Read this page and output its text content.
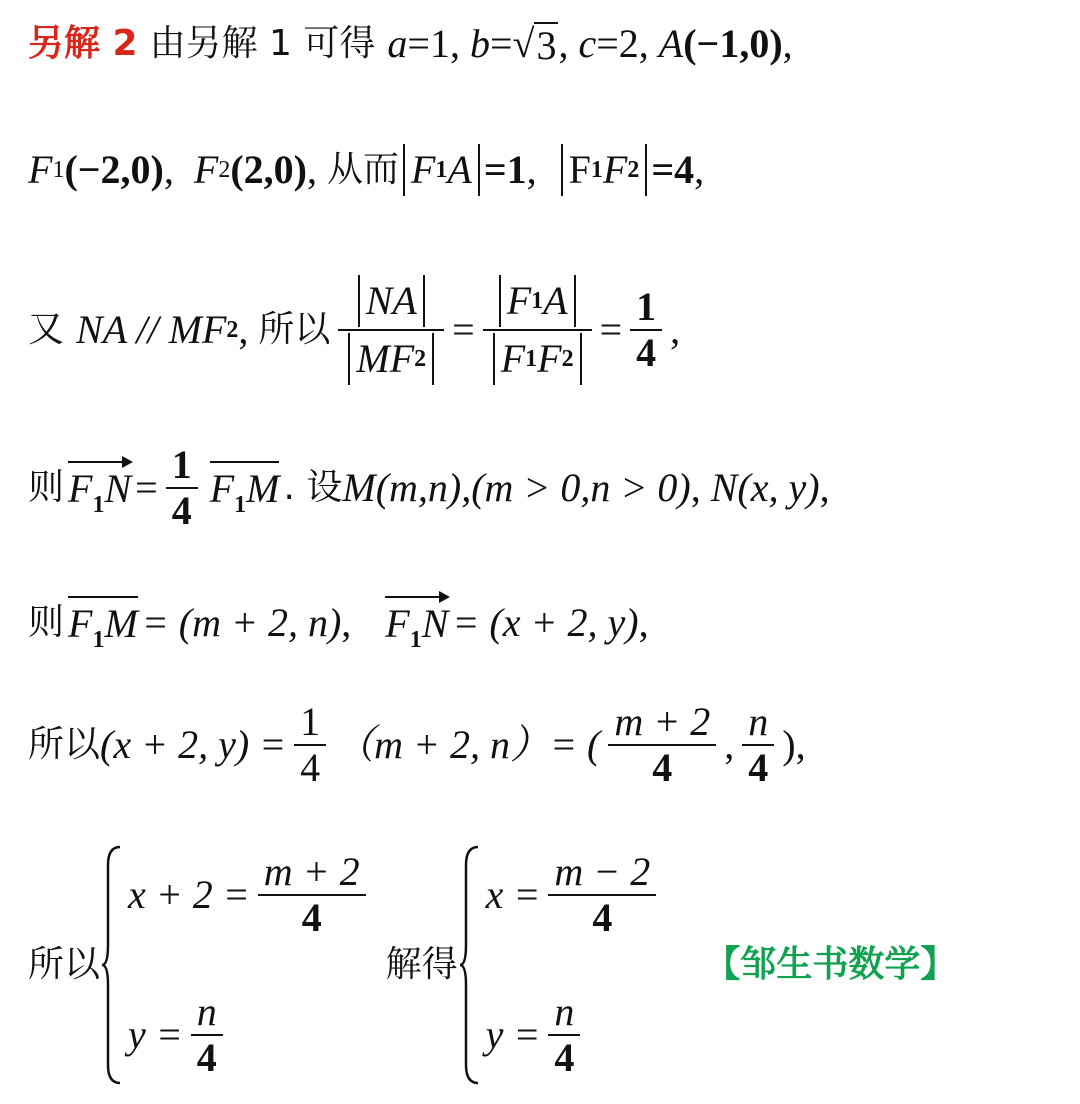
另解 2 由另解 1 可得 a =1 , b = √ 3 , c =2 , A (−1,0) ,
F 1 (−2,0) , F 2 (2,0) , 从而 F 1 A =1 , F 1 F 2 =4 ,
又 NA // MF 2 , 所以 $\frac{NA}{MF 2} = \frac{F 1 A}{F 1 F 2} = \frac{1}{4}$ ,
则 $F_1N = \frac{1}{4} F_1M$ . 设 M (m,n),(m > 0,n > 0) , N (x, y) ,
则 $F_1M = (m + 2$, n) , $F_1N = (x + 2$, y) ,
所以 (x + 2, $y) = \frac{1}{4} (m + 2$, n）= ( $\frac{m + 2}{4}$ , $\frac{n}{4}$ ) ,
所以
$x + 2 = \frac{m + 2}{4}$
$y = \frac{n}{4}$
解得
$x = \frac{m - 2}{4}$
$y = \frac{n}{4}$
【邹生书数学】
